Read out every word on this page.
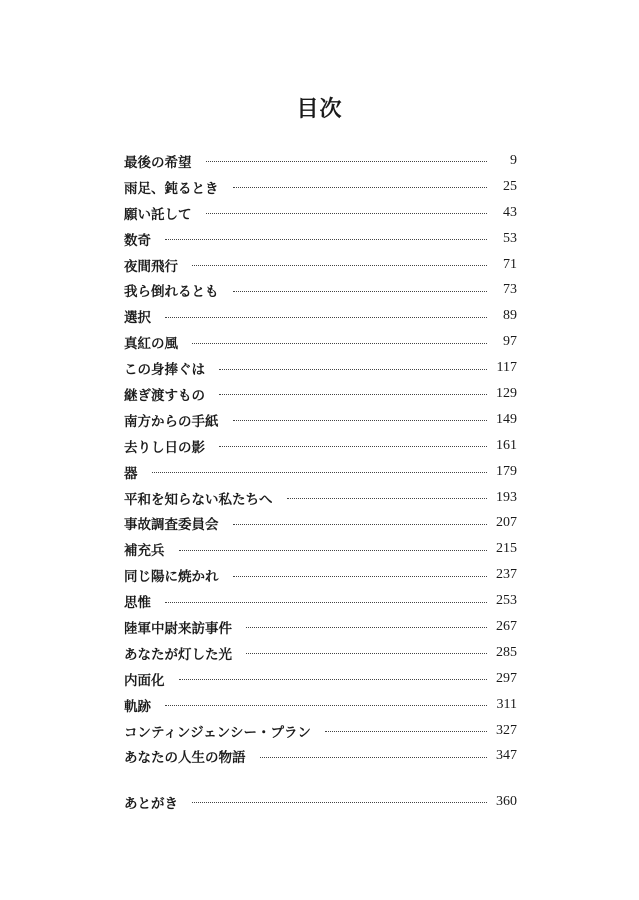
目次
最後の希望	9
雨足、鈍るとき	25
願い託して	43
数奇	53
夜間飛行	71
我ら倒れるとも	73
選択	89
真紅の風	97
この身捧ぐは	117
継ぎ渡すもの	129
南方からの手紙	149
去りし日の影	161
器	179
平和を知らない私たちへ	193
事故調査委員会	207
補充兵	215
同じ陽に焼かれ	237
思惟	253
陸軍中尉来訪事件	267
あなたが灯した光	285
内面化	297
軌跡	311
コンティンジェンシー・プラン	327
あなたの人生の物語	347
あとがき	360
